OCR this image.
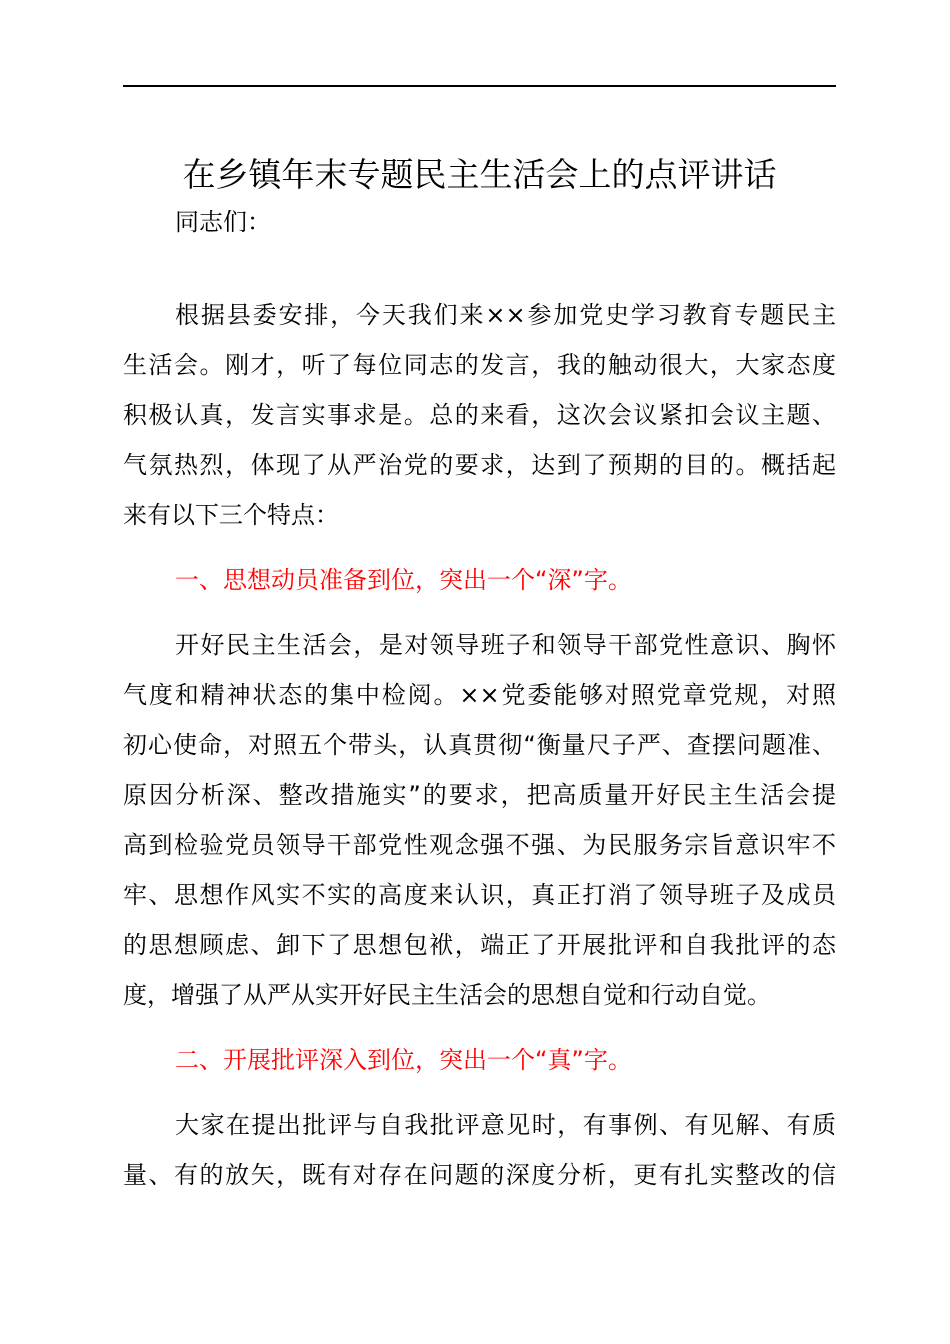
在乡镇年末专题民主生活会上的点评讲话

同志们：

根据县委安排，今天我们来××参加党史学习教育专题民主
生活会。刚才，听了每位同志的发言，我的触动很大，大家态度
积极认真，发言实事求是。总的来看，这次会议紧扣会议主题、
气氛热烈，体现了从严治党的要求，达到了预期的目的。概括起
来有以下三个特点：

一、思想动员准备到位，突出一个“深”字。

开好民主生活会，是对领导班子和领导干部党性意识、胸怀
气度和精神状态的集中检阅。××党委能够对照党章党规，对照
初心使命，对照五个带头，认真贯彻“衡量尺子严、查摆问题准、
原因分析深、整改措施实”的要求，把高质量开好民主生活会提
高到检验党员领导干部党性观念强不强、为民服务宗旨意识牢不
牢、思想作风实不实的高度来认识，真正打消了领导班子及成员
的思想顾虑、卸下了思想包袱，端正了开展批评和自我批评的态
度，增强了从严从实开好民主生活会的思想自觉和行动自觉。

二、开展批评深入到位，突出一个“真”字。

大家在提出批评与自我批评意见时，有事例、有见解、有质
量、有的放矢，既有对存在问题的深度分析，更有扎实整改的信
